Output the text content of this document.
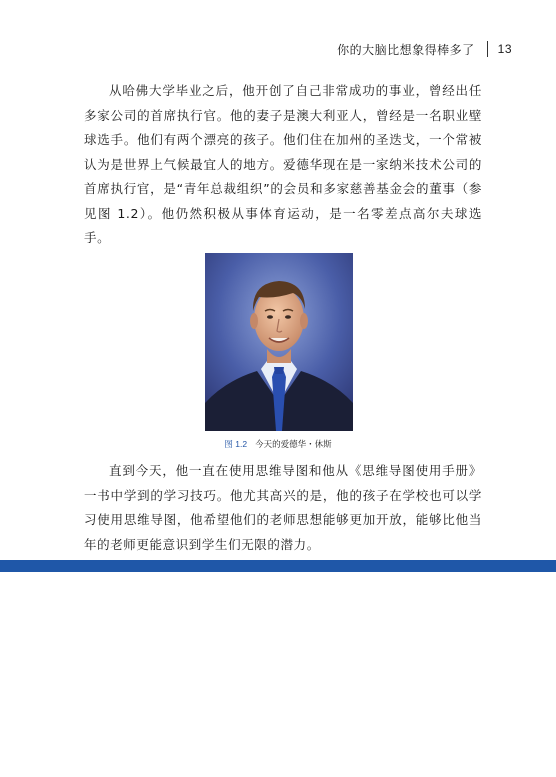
你的大脑比想象得棒多了 13

从哈佛大学毕业之后，他开创了自己非常成功的事业，曾经出任多家公司的首席执行官。他的妻子是澳大利亚人，曾经是一名职业壁球选手。他们有两个漂亮的孩子。他们住在加州的圣迭戈，一个常被认为是世界上气候最宜人的地方。爱德华现在是一家纳米技术公司的首席执行官，是“青年总裁组织”的会员和多家慈善基金会的董事（参见图 1.2）。他仍然积极从事体育运动，是一名零差点高尔夫球选手。

图 1.2 今天的爱德华・休斯

直到今天，他一直在使用思维导图和他从《思维导图使用手册》一书中学到的学习技巧。他尤其高兴的是，他的孩子在学校也可以学习使用思维导图，他希望他们的老师思想能够更加开放，能够比他当年的老师更能意识到学生们无限的潜力。
